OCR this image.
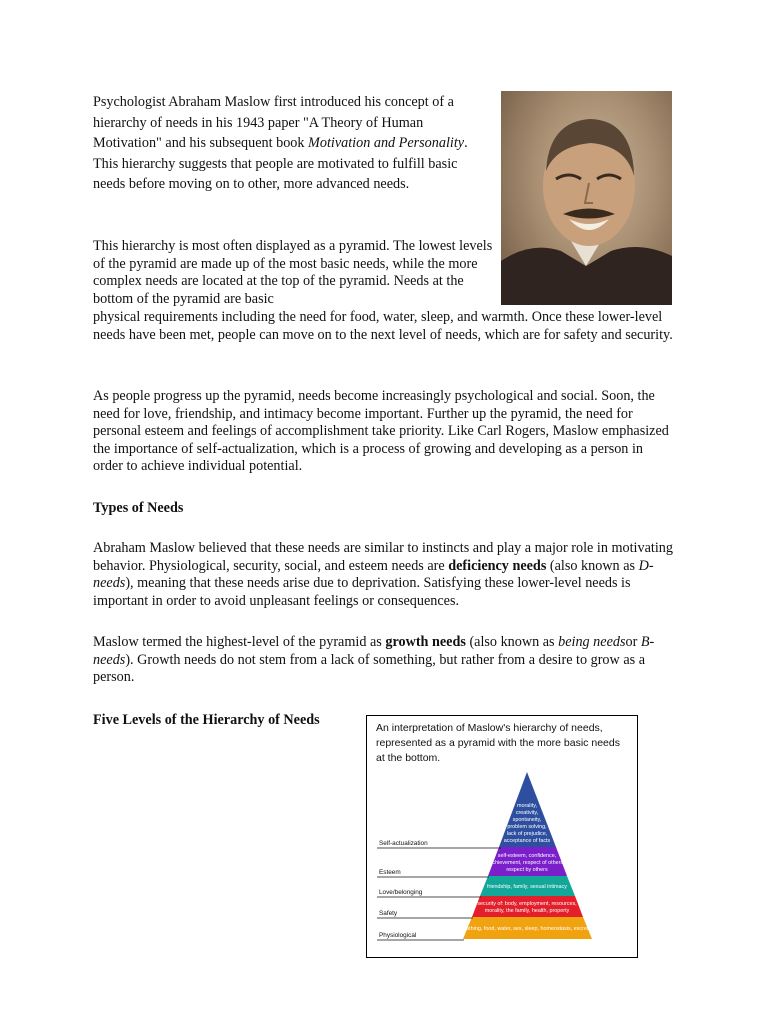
Psychologist Abraham Maslow first introduced his concept of a hierarchy of needs in his 1943 paper "A Theory of Human Motivation" and his subsequent book Motivation and Personality. This hierarchy suggests that people are motivated to fulfill basic needs before moving on to other, more advanced needs.

This hierarchy is most often displayed as a pyramid. The lowest levels of the pyramid are made up of the most basic needs, while the more complex needs are located at the top of the pyramid. Needs at the bottom of the pyramid are basic

physical requirements including the need for food, water, sleep, and warmth. Once these lower-level needs have been met, people can move on to the next level of needs, which are for safety and security.

As people progress up the pyramid, needs become increasingly psychological and social. Soon, the need for love, friendship, and intimacy become important. Further up the pyramid, the need for personal esteem and feelings of accomplishment take priority. Like Carl Rogers, Maslow emphasized the importance of self-actualization, which is a process of growing and developing as a person in order to achieve individual potential.

Types of Needs

Abraham Maslow believed that these needs are similar to instincts and play a major role in motivating behavior. Physiological, security, social, and esteem needs are deficiency needs (also known as D-needs), meaning that these needs arise due to deprivation. Satisfying these lower-level needs is important in order to avoid unpleasant feelings or consequences.

Maslow termed the highest-level of the pyramid as growth needs (also known as being needsor B-needs). Growth needs do not stem from a lack of something, but rather from a desire to grow as a person.

Five Levels of the Hierarchy of Needs	An interpretation of Maslow's hierarchy of needs, represented as a pyramid with the more basic needs at the bottom.
Self-actualization
Esteem
Love/belonging
Safety
Physiological
morality,
creativity,
spontaneity,
problem solving,
lack of prejudice,
acceptance of facts
self-esteem, confidence,
achievement, respect of others,
respect by others
friendship, family, sexual intimacy
security of: body, employment, resources,
morality, the family, health, property
breathing, food, water, sex, sleep, homeostasis, excretion
